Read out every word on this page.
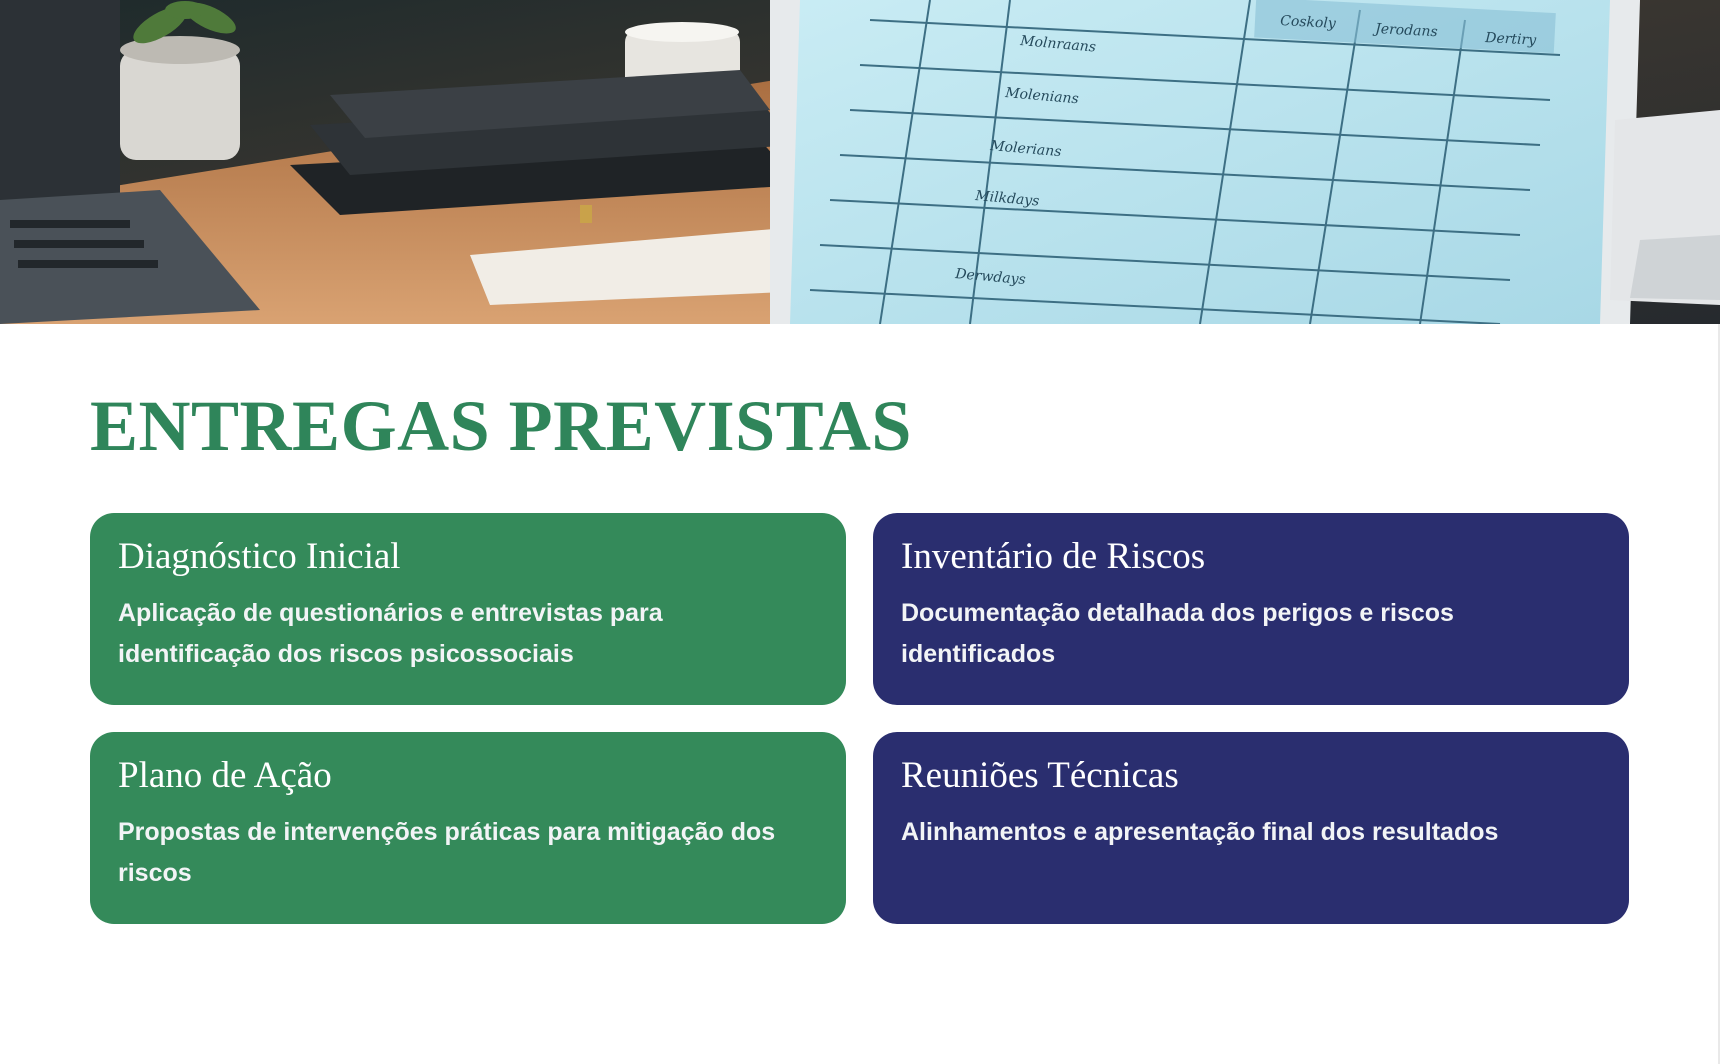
Coskoly	Jerodans	Dertiry
Molnraans
Molenians
Molerians
Milkdays
Derwdays
ENTREGAS PREVISTAS
Diagnóstico Inicial

Aplicação de questionários e entrevistas para identificação dos riscos psicossociais

Inventário de Riscos

Documentação detalhada dos perigos e riscos identificados

Plano de Ação

Propostas de intervenções práticas para mitigação dos riscos

Reuniões Técnicas

Alinhamentos e apresentação final dos resultados
